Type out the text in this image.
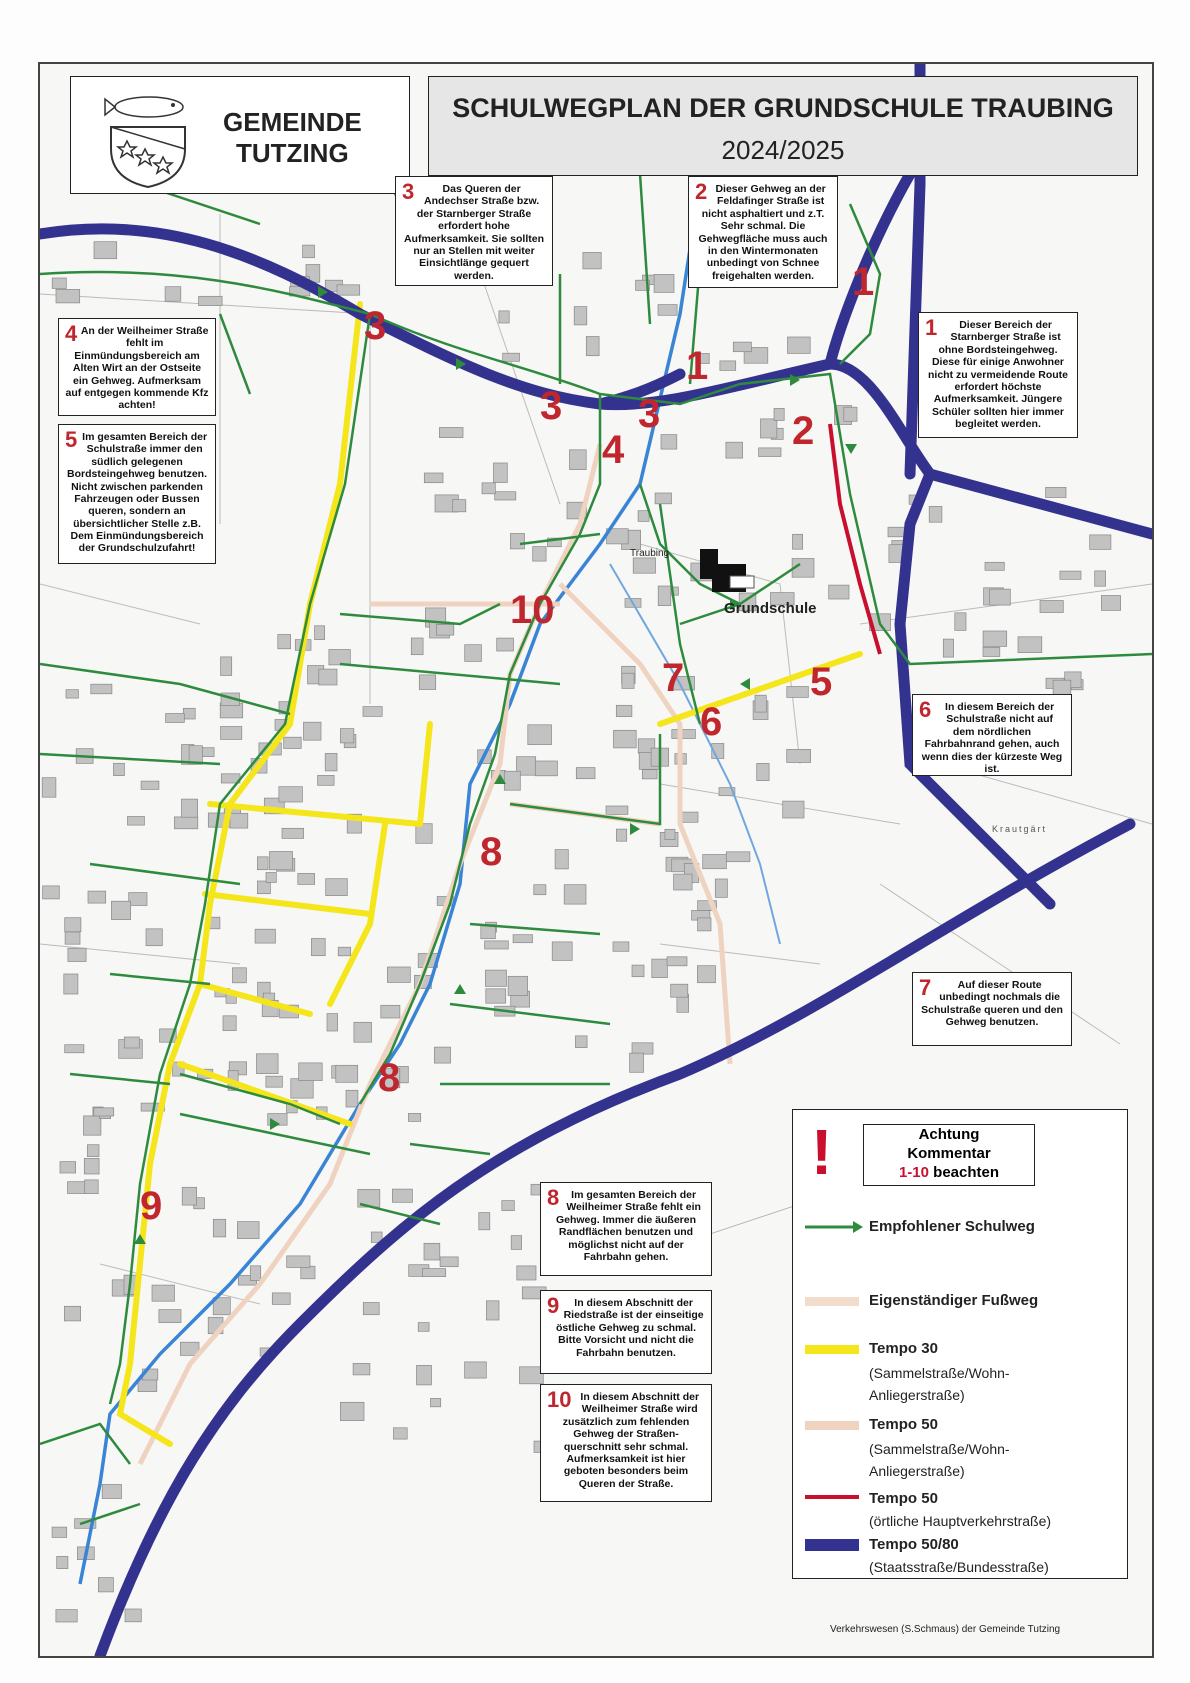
GEMEINDE
TUTZING
SCHULWEGPLAN DER GRUNDSCHULE TRAUBING
2024/2025
3	Das Queren der Andechser Straße bzw. der Starnberger Straße erfordert hohe Aufmerksamkeit. Sie sollten nur an Stellen mit weiter Einsichtlänge gequert werden.
2 Dieser Gehweg an der Feldafinger Straße ist nicht asphaltiert und z.T. Sehr schmal. Die Gehwegfläche muss auch in den Wintermonaten unbedingt von Schnee freigehalten werden.
1 Dieser Bereich der Starnberger Straße ist ohne Bordsteingehweg. Diese für einige Anwohner nicht zu vermeidende Route erfordert höchste Aufmerksamkeit. Jüngere Schüler sollten hier immer begleitet werden.
4 An der Weilheimer Straße fehlt im Einmündungsbereich am Alten Wirt an der Ostseite ein Gehweg. Aufmerksam auf entgegen kommende Kfz achten!
5 Im gesamten Bereich der Schulstraße immer den südlich gelegenen Bordsteingehweg benutzen. Nicht zwischen parkenden Fahrzeugen oder Bussen queren, sondern an übersichtlicher Stelle z.B. Dem Einmündungsbereich der Grundschulzufahrt!
6 In diesem Bereich der Schulstraße nicht auf dem nördlichen Fahrbahnrand gehen, auch wenn dies der kürzeste Weg ist.
7	Auf dieser Route unbedingt nochmals die Schulstraße queren und den Gehweg benutzen.
8 Im gesamten Bereich der Weilheimer Straße fehlt ein Gehweg. Immer die äußeren Randflächen benutzen und möglichst nicht auf der Fahrbahn gehen.
9 In diesem Abschnitt der Riedstraße ist der einseitige östliche Gehweg zu schmal. Bitte Vorsicht und nicht die Fahrbahn benutzen.
10 In diesem Abschnitt der Weilheimer Straße wird zusätzlich zum fehlenden Gehweg der Straßen-querschnitt sehr schmal. Aufmerksamkeit ist hier geboten besonders beim Queren der Straße.
Traubing
Grundschule
Krautgärt
1
1
2
3
3 3
4
5
6
7
8
8
9
10
!	Achtung
Kommentar
1-10 beachten
Empfohlener Schulweg
Eigenständiger Fußweg
Tempo 30
(Sammelstraße/Wohn-
Anliegerstraße)
Tempo 50
(Sammelstraße/Wohn-
Anliegerstraße)
Tempo 50
(örtliche Hauptverkehrstraße)
Tempo 50/80
(Staatsstraße/Bundesstraße)
Verkehrswesen (S.Schmaus) der Gemeinde Tutzing
